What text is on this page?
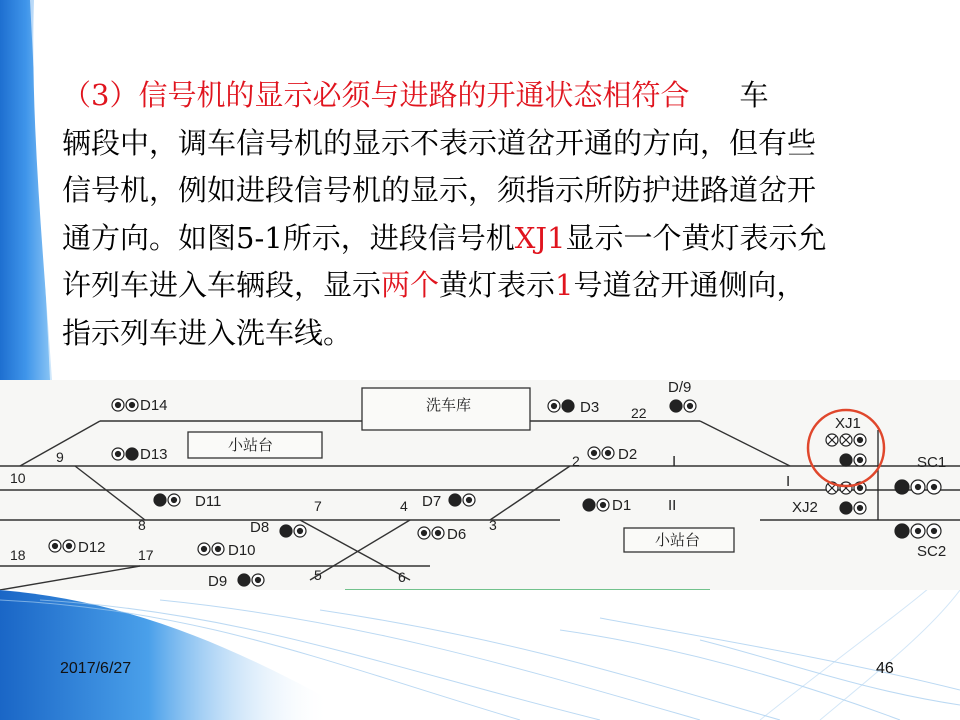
（3）信号机的显示必须与进路的开通状态相符合 车
辆段中，调车信号机的显示不表示道岔开通的方向，但有些
信号机，例如进段信号机的显示，须指示所防护进路道岔开
通方向。如图5-1所示，进段信号机XJ1显示一个黄灯表示允
许列车进入车辆段，显示两个黄灯表示1号道岔开通侧向，
指示列车进入洗车线。
洗车库
小站台
小站台
D14
D13
D11
D12	D10
D9
D8
D7
D6
D3
D2
D1
D/9
XJ1
XJ2
SC1
SC2
I
I
II
22
10
9
8
7	4
3
2
18	17
5	6
2017/6/27	46
